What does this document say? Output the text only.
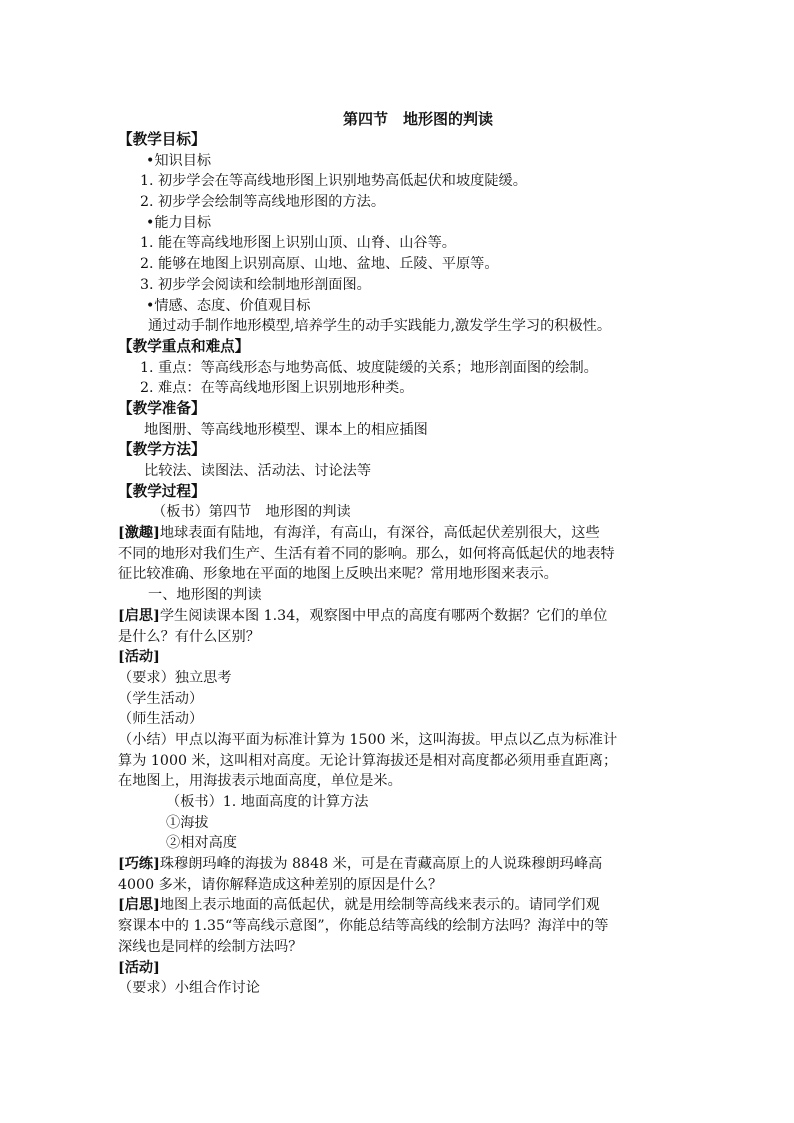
第四节　地形图的判读
【教学目标】
•知识目标
1. 初步学会在等高线地形图上识别地势高低起伏和坡度陡缓。
2. 初步学会绘制等高线地形图的方法。
•能力目标
1. 能在等高线地形图上识别山顶、山脊、山谷等。
2. 能够在地图上识别高原、山地、盆地、丘陵、平原等。
3. 初步学会阅读和绘制地形剖面图。
•情感、态度、价值观目标
通过动手制作地形模型,培养学生的动手实践能力,激发学生学习的积极性。
【教学重点和难点】
1. 重点：等高线形态与地势高低、坡度陡缓的关系；地形剖面图的绘制。
2. 难点：在等高线地形图上识别地形种类。
【教学准备】
地图册、等高线地形模型、课本上的相应插图
【教学方法】
比较法、读图法、活动法、讨论法等
【教学过程】
（板书）第四节　地形图的判读
[激趣]地球表面有陆地，有海洋，有高山，有深谷，高低起伏差别很大，这些
不同的地形对我们生产、生活有着不同的影响。那么，如何将高低起伏的地表特
征比较准确、形象地在平面的地图上反映出来呢？常用地形图来表示。
一、地形图的判读
[启思]学生阅读课本图 1.34，观察图中甲点的高度有哪两个数据？它们的单位
是什么？有什么区别？
[活动]
（要求）独立思考
（学生活动）
（师生活动）
（小结）甲点以海平面为标准计算为 1500 米，这叫海拔。甲点以乙点为标准计
算为 1000 米，这叫相对高度。无论计算海拔还是相对高度都必须用垂直距离；
在地图上，用海拔表示地面高度，单位是米。
（板书）1. 地面高度的计算方法
①海拔
②相对高度
[巧练]珠穆朗玛峰的海拔为 8848 米，可是在青藏高原上的人说珠穆朗玛峰高
4000 多米，请你解释造成这种差别的原因是什么？
[启思]地图上表示地面的高低起伏，就是用绘制等高线来表示的。请同学们观
察课本中的 1.35“等高线示意图”，你能总结等高线的绘制方法吗？海洋中的等
深线也是同样的绘制方法吗？
[活动]
（要求）小组合作讨论
